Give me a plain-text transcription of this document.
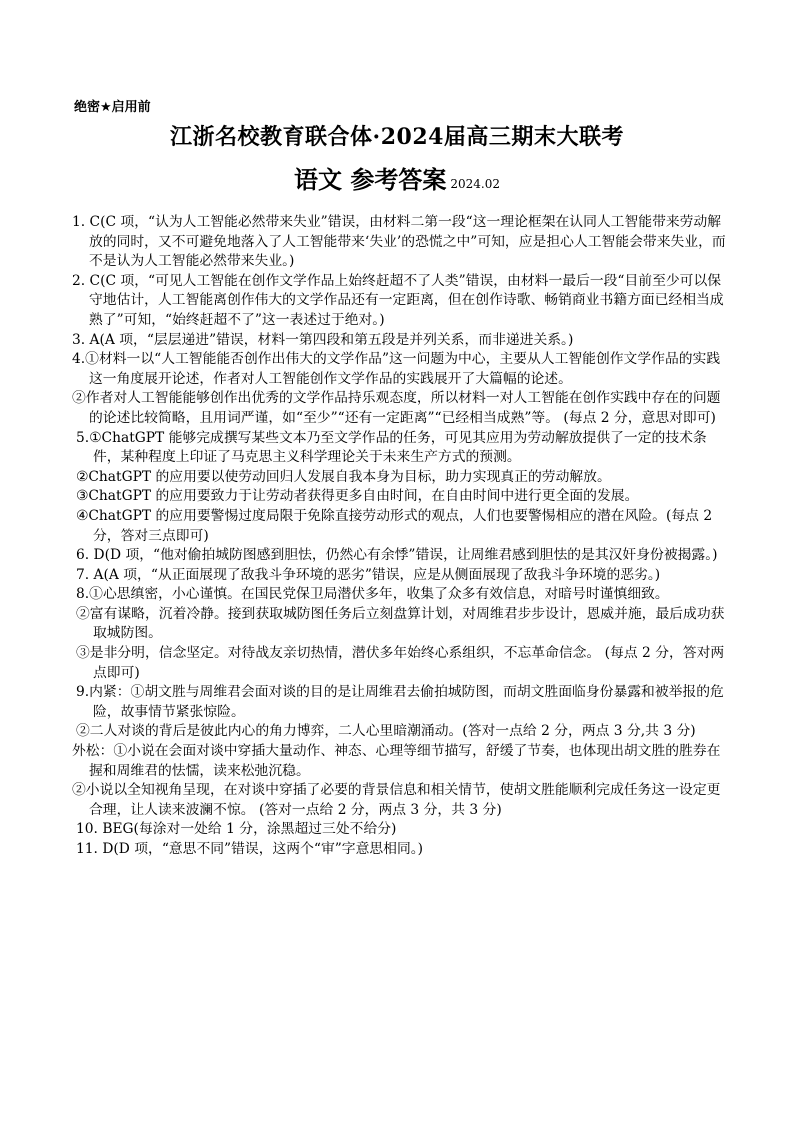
绝密★启用前
江浙名校教育联合体·2024届高三期末大联考
语文 参考答案 2024.02

1. C(C 项，“认为人工智能必然带来失业”错误，由材料二第一段“这一理论框架在认同人工智能带来劳动解放的同时，又不可避免地落入了人工智能带来‘失业’的恐慌之中”可知，应是担心人工智能会带来失业，而不是认为人工智能必然带来失业。)

2. C(C 项，“可见人工智能在创作文学作品上始终赶超不了人类”错误，由材料一最后一段“目前至少可以保守地估计，人工智能离创作伟大的文学作品还有一定距离，但在创作诗歌、畅销商业书籍方面已经相当成熟了”可知，“始终赶超不了”这一表述过于绝对。)

3. A(A 项，“层层递进”错误，材料一第四段和第五段是并列关系，而非递进关系。)

4.①材料一以“人工智能能否创作出伟大的文学作品”这一问题为中心，主要从人工智能创作文学作品的实践这一角度展开论述，作者对人工智能创作文学作品的实践展开了大篇幅的论述。

②作者对人工智能能够创作出优秀的文学作品持乐观态度，所以材料一对人工智能在创作实践中存在的问题的论述比较简略，且用词严谨，如“至少”“还有一定距离”“已经相当成熟”等。 (每点 2 分，意思对即可)

5.①ChatGPT 能够完成撰写某些文本乃至文学作品的任务，可见其应用为劳动解放提供了一定的技术条件，某种程度上印证了马克思主义科学理论关于未来生产方式的预测。

②ChatGPT 的应用要以使劳动回归人发展自我本身为目标，助力实现真正的劳动解放。

③ChatGPT 的应用要致力于让劳动者获得更多自由时间，在自由时间中进行更全面的发展。

④ChatGPT 的应用要警惕过度局限于免除直接劳动形式的观点，人们也要警惕相应的潜在风险。(每点 2 分，答对三点即可)

6. D(D 项，“他对偷拍城防图感到胆怯，仍然心有余悸”错误，让周维君感到胆怯的是其汉奸身份被揭露。)

7. A(A 项，“从正面展现了敌我斗争环境的恶劣”错误，应是从侧面展现了敌我斗争环境的恶劣。)

8.①心思缜密，小心谨慎。在国民党保卫局潜伏多年，收集了众多有效信息，对暗号时谨慎细致。

②富有谋略，沉着冷静。接到获取城防图任务后立刻盘算计划，对周维君步步设计，恩威并施，最后成功获取城防图。

③是非分明，信念坚定。对待战友亲切热情，潜伏多年始终心系组织，不忘革命信念。 (每点 2 分，答对两点即可)

9.内紧：①胡文胜与周维君会面对谈的目的是让周维君去偷拍城防图，而胡文胜面临身份暴露和被举报的危险，故事情节紧张惊险。

②二人对谈的背后是彼此内心的角力博弈，二人心里暗潮涌动。(答对一点给 2 分，两点 3 分,共 3 分)

外松：①小说在会面对谈中穿插大量动作、神态、心理等细节描写，舒缓了节奏，也体现出胡文胜的胜券在握和周维君的怯懦，读来松弛沉稳。

②小说以全知视角呈现，在对谈中穿插了必要的背景信息和相关情节，使胡文胜能顺利完成任务这一设定更合理，让人读来波澜不惊。 (答对一点给 2 分，两点 3 分，共 3 分)

10. BEG(每涂对一处给 1 分，涂黑超过三处不给分)

11. D(D 项，“意思不同”错误，这两个“审”字意思相同。)
